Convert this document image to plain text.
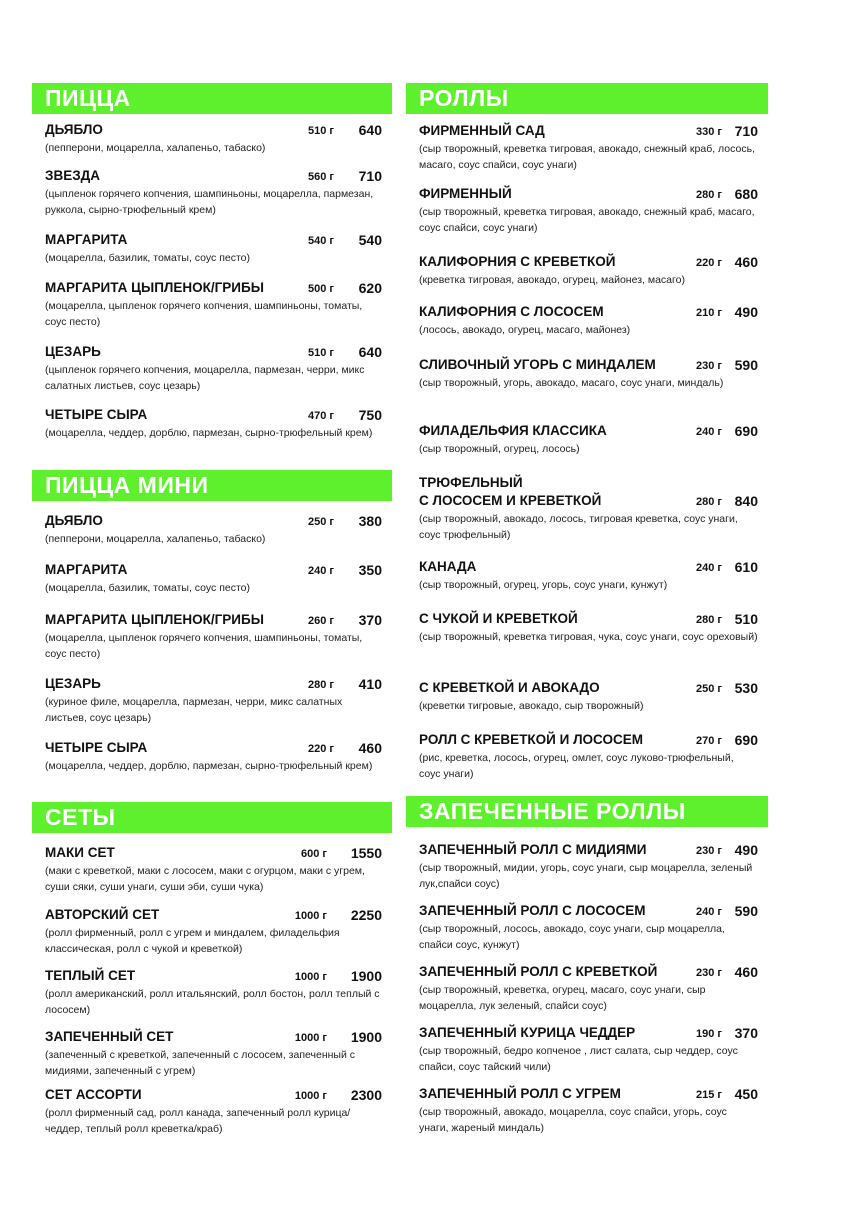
ПИЦЦА
ДЬЯБЛО	510 г 640
(пепперони, моцарелла, халапеньо, табаско)
ЗВЕЗДА	560 г 710
(цыпленок горячего копчения, шампиньоны, моцарелла, пармезан, руккола, сырно-трюфельный крем)
МАРГАРИТА	540 г 540
(моцарелла, базилик, томаты, соус песто)
МАРГАРИТА ЦЫПЛЕНОК/ГРИБЫ	500 г 620
(моцарелла, цыпленок горячего копчения, шампиньоны, томаты, соус песто)
ЦЕЗАРЬ	510 г 640
(цыпленок горячего копчения, моцарелла, пармезан, черри, микс салатных листьев, соус цезарь)
ЧЕТЫРЕ СЫРА	470 г 750
(моцарелла, чеддер, дорблю, пармезан, сырно-трюфельный крем)
ПИЦЦА МИНИ
ДЬЯБЛО	250 г 380
(пепперони, моцарелла, халапеньо, табаско)
МАРГАРИТА	240 г 350
(моцарелла, базилик, томаты, соус песто)
МАРГАРИТА ЦЫПЛЕНОК/ГРИБЫ	260 г 370
(моцарелла, цыпленок горячего копчения, шампиньоны, томаты, соус песто)
ЦЕЗАРЬ	280 г 410
(куриное филе, моцарелла, пармезан, черри, микс салатных листьев, соус цезарь)
ЧЕТЫРЕ СЫРА	220 г 460
(моцарелла, чеддер, дорблю, пармезан, сырно-трюфельный крем)
СЕТЫ
МАКИ СЕТ	600 г 1550
(маки с креветкой, маки с лососем, маки с огурцом, маки с угрем, суши сяки, суши унаги, суши эби, суши чука)
АВТОРСКИЙ СЕТ	1000 г 2250
(ролл фирменный, ролл с угрем и миндалем, филадельфия классическая, ролл с чукой и креветкой)
ТЕПЛЫЙ СЕТ	1000 г 1900
(ролл американский, ролл итальянский, ролл бостон, ролл теплый с лососем)
ЗАПЕЧЕННЫЙ СЕТ	1000 г 1900
(запеченный с креветкой, запеченный с лососем, запеченный с мидиями, запеченный с угрем)
СЕТ АССОРТИ	1000 г 2300
(ролл фирменный сад, ролл канада, запеченный ролл курица/чеддер, теплый ролл креветка/краб)
РОЛЛЫ
ФИРМЕННЫЙ САД	330 г 710
(сыр творожный, креветка тигровая, авокадо, снежный краб, лосось, масаго, соус спайси, соус унаги)
ФИРМЕННЫЙ	280 г 680
(сыр творожный, креветка тигровая, авокадо, снежный краб, масаго, соус спайси, соус унаги)
КАЛИФОРНИЯ С КРЕВЕТКОЙ	220 г 460
(креветка тигровая, авокадо, огурец, майонез, масаго)
КАЛИФОРНИЯ С ЛОСОСЕМ	210 г 490
(лосось, авокадо, огурец, масаго, майонез)
СЛИВОЧНЫЙ УГОРЬ С МИНДАЛЕМ	230 г 590
(сыр творожный, угорь, авокадо, масаго, соус унаги, миндаль)
ФИЛАДЕЛЬФИЯ КЛАССИКА	240 г 690
(сыр творожный, огурец, лосось)
ТРЮФЕЛЬНЫЙ
С ЛОСОСЕМ И КРЕВЕТКОЙ	280 г 840
(сыр творожный, авокадо, лосось, тигровая креветка, соус унаги, соус трюфельный)
КАНАДА	240 г 610
(сыр творожный, огурец, угорь, соус унаги, кунжут)
С ЧУКОЙ И КРЕВЕТКОЙ	280 г 510
(сыр творожный, креветка тигровая, чука, соус унаги, соус ореховый)
С КРЕВЕТКОЙ И АВОКАДО	250 г 530
(креветки тигровые, авокадо, сыр творожный)
РОЛЛ С КРЕВЕТКОЙ И ЛОСОСЕМ	270 г 690
(рис, креветка, лосось, огурец, омлет, соус луково-трюфельный, соус унаги)
ЗАПЕЧЕННЫЕ РОЛЛЫ
ЗАПЕЧЕННЫЙ РОЛЛ С МИДИЯМИ	230 г 490
(сыр творожный, мидии, угорь, соус унаги, сыр моцарелла, зеленый лук,спайси соус)
ЗАПЕЧЕННЫЙ РОЛЛ С ЛОСОСЕМ	240 г 590
(сыр творожный, лосось, авокадо, соус унаги, сыр моцарелла, спайси соус, кунжут)
ЗАПЕЧЕННЫЙ РОЛЛ С КРЕВЕТКОЙ	230 г 460
(сыр творожный, креветка, огурец, масаго, соус унаги, сыр моцарелла, лук зеленый, спайси соус)
ЗАПЕЧЕННЫЙ КУРИЦА ЧЕДДЕР	190 г 370
(сыр творожный, бедро копченое , лист салата, сыр чеддер, соус спайси, соус тайский чили)
ЗАПЕЧЕННЫЙ РОЛЛ С УГРЕМ	215 г 450
(сыр творожный, авокадо, моцарелла, соус спайси, угорь, соус унаги, жареный миндаль)
